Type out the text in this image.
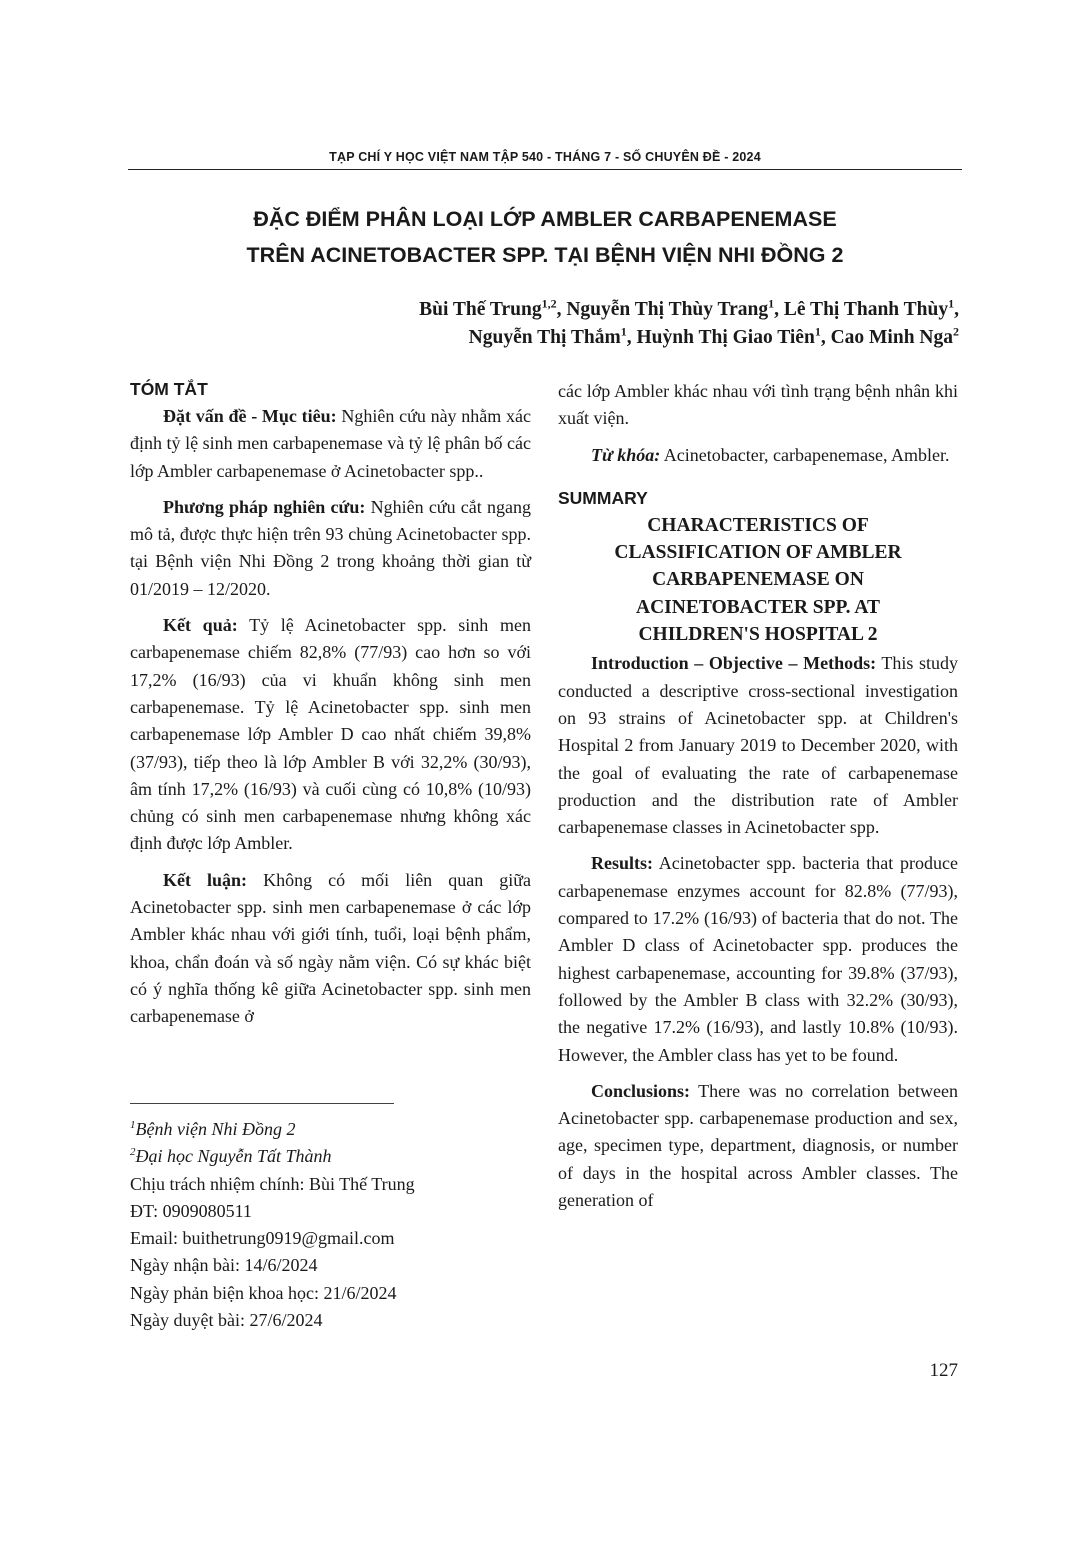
TẠP CHÍ Y HỌC VIỆT NAM TẬP 540 - THÁNG 7 - SỐ CHUYÊN ĐỀ - 2024
ĐẶC ĐIỂM PHÂN LOẠI LỚP AMBLER CARBAPENEMASE
TRÊN ACINETOBACTER SPP. TẠI BỆNH VIỆN NHI ĐỒNG 2
Bùi Thế Trung$^{1,2}$, Nguyễn Thị Thùy Trang$^1$, Lê Thị Thanh Thùy$^1$,
Nguyễn Thị Thắm$^1$, Huỳnh Thị Giao Tiên$^1$, Cao Minh Nga$^2$
TÓM TẮT

Đặt vấn đề - Mục tiêu: Nghiên cứu này nhằm xác định tỷ lệ sinh men carbapenemase và tỷ lệ phân bố các lớp Ambler carbapenemase ở Acinetobacter spp..

Phương pháp nghiên cứu: Nghiên cứu cắt ngang mô tả, được thực hiện trên 93 chủng Acinetobacter spp. tại Bệnh viện Nhi Đồng 2 trong khoảng thời gian từ 01/2019 – 12/2020.

Kết quả: Tỷ lệ Acinetobacter spp. sinh men carbapenemase chiếm 82,8% (77/93) cao hơn so với 17,2% (16/93) của vi khuẩn không sinh men carbapenemase. Tỷ lệ Acinetobacter spp. sinh men carbapenemase lớp Ambler D cao nhất chiếm 39,8% (37/93), tiếp theo là lớp Ambler B với 32,2% (30/93), âm tính 17,2% (16/93) và cuối cùng có 10,8% (10/93) chủng có sinh men carbapenemase nhưng không xác định được lớp Ambler.

Kết luận: Không có mối liên quan giữa Acinetobacter spp. sinh men carbapenemase ở các lớp Ambler khác nhau với giới tính, tuổi, loại bệnh phẩm, khoa, chẩn đoán và số ngày nằm viện. Có sự khác biệt có ý nghĩa thống kê giữa Acinetobacter spp. sinh men carbapenemase ở

$^1$Bệnh viện Nhi Đồng 2
$^2$Đại học Nguyễn Tất Thành
Chịu trách nhiệm chính: Bùi Thế Trung
ĐT: 0909080511
Email: buithetrung0919@gmail.com
Ngày nhận bài: 14/6/2024
Ngày phản biện khoa học: 21/6/2024
Ngày duyệt bài: 27/6/2024

các lớp Ambler khác nhau với tình trạng bệnh nhân khi xuất viện.

Từ khóa: Acinetobacter, carbapenemase, Ambler.

SUMMARY
CHARACTERISTICS OF
CLASSIFICATION OF AMBLER
CARBAPENEMASE ON
ACINETOBACTER SPP. AT
CHILDREN'S HOSPITAL 2

Introduction – Objective – Methods: This study conducted a descriptive cross-sectional investigation on 93 strains of Acinetobacter spp. at Children's Hospital 2 from January 2019 to December 2020, with the goal of evaluating the rate of carbapenemase production and the distribution rate of Ambler carbapenemase classes in Acinetobacter spp.

Results: Acinetobacter spp. bacteria that produce carbapenemase enzymes account for 82.8% (77/93), compared to 17.2% (16/93) of bacteria that do not. The Ambler D class of Acinetobacter spp. produces the highest carbapenemase, accounting for 39.8% (37/93), followed by the Ambler B class with 32.2% (30/93), the negative 17.2% (16/93), and lastly 10.8% (10/93). However, the Ambler class has yet to be found.

Conclusions: There was no correlation between Acinetobacter spp. carbapenemase production and sex, age, specimen type, department, diagnosis, or number of days in the hospital across Ambler classes. The generation of

127
